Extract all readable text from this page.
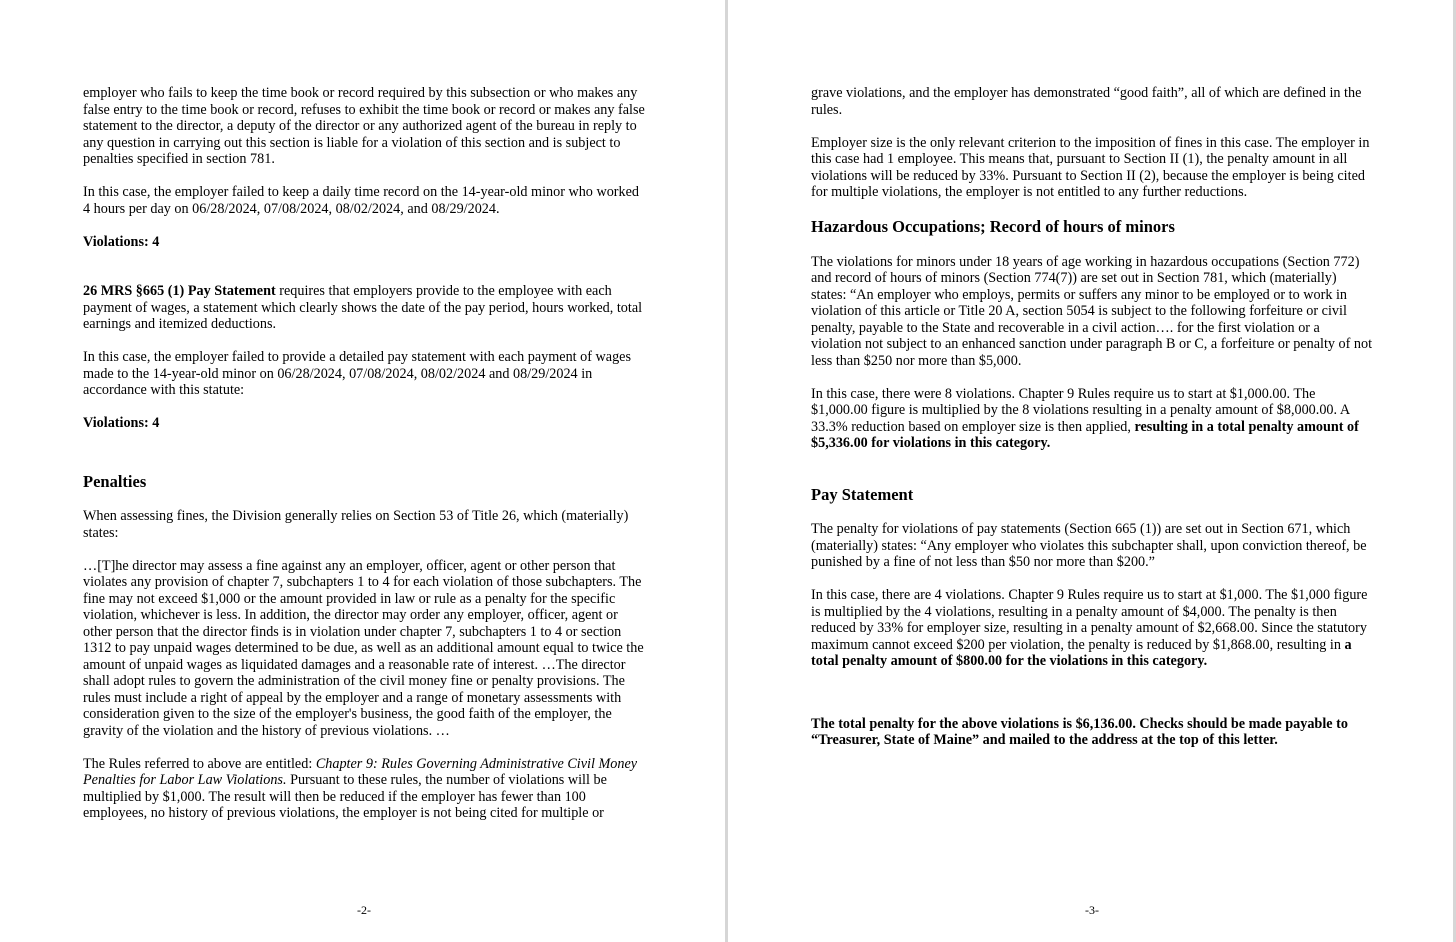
employer who fails to keep the time book or record required by this subsection or who makes any false entry to the time book or record, refuses to exhibit the time book or record or makes any false statement to the director, a deputy of the director or any authorized agent of the bureau in reply to any question in carrying out this section is liable for a violation of this section and is subject to penalties specified in section 781.

In this case, the employer failed to keep a daily time record on the 14-year-old minor who worked 4 hours per day on 06/28/2024, 07/08/2024, 08/02/2024, and 08/29/2024.

Violations: 4

26 MRS §665 (1) Pay Statement requires that employers provide to the employee with each payment of wages, a statement which clearly shows the date of the pay period, hours worked, total earnings and itemized deductions.

In this case, the employer failed to provide a detailed pay statement with each payment of wages made to the 14-year-old minor on 06/28/2024, 07/08/2024, 08/02/2024 and 08/29/2024 in accordance with this statute:

Violations: 4

Penalties

When assessing fines, the Division generally relies on Section 53 of Title 26, which (materially) states:

…[T]he director may assess a fine against any an employer, officer, agent or other person that violates any provision of chapter 7, subchapters 1 to 4 for each violation of those subchapters. The fine may not exceed $1,000 or the amount provided in law or rule as a penalty for the specific violation, whichever is less. In addition, the director may order any employer, officer, agent or other person that the director finds is in violation under chapter 7, subchapters 1 to 4 or section 1312 to pay unpaid wages determined to be due, as well as an additional amount equal to twice the amount of unpaid wages as liquidated damages and a reasonable rate of interest. …The director shall adopt rules to govern the administration of the civil money fine or penalty provisions. The rules must include a right of appeal by the employer and a range of monetary assessments with consideration given to the size of the employer's business, the good faith of the employer, the gravity of the violation and the history of previous violations. …

The Rules referred to above are entitled: Chapter 9: Rules Governing Administrative Civil Money Penalties for Labor Law Violations. Pursuant to these rules, the number of violations will be multiplied by $1,000. The result will then be reduced if the employer has fewer than 100 employees, no history of previous violations, the employer is not being cited for multiple or

-2-

grave violations, and the employer has demonstrated “good faith”, all of which are defined in the rules.

Employer size is the only relevant criterion to the imposition of fines in this case. The employer in this case had 1 employee. This means that, pursuant to Section II (1), the penalty amount in all violations will be reduced by 33%. Pursuant to Section II (2), because the employer is being cited for multiple violations, the employer is not entitled to any further reductions.

Hazardous Occupations; Record of hours of minors

The violations for minors under 18 years of age working in hazardous occupations (Section 772) and record of hours of minors (Section 774(7)) are set out in Section 781, which (materially) states: “An employer who employs, permits or suffers any minor to be employed or to work in violation of this article or Title 20 A, section 5054 is subject to the following forfeiture or civil penalty, payable to the State and recoverable in a civil action…. for the first violation or a violation not subject to an enhanced sanction under paragraph B or C, a forfeiture or penalty of not less than $250 nor more than $5,000.

In this case, there were 8 violations. Chapter 9 Rules require us to start at $1,000.00. The $1,000.00 figure is multiplied by the 8 violations resulting in a penalty amount of $8,000.00. A 33.3% reduction based on employer size is then applied, resulting in a total penalty amount of $5,336.00 for violations in this category.

Pay Statement

The penalty for violations of pay statements (Section 665 (1)) are set out in Section 671, which (materially) states: “Any employer who violates this subchapter shall, upon conviction thereof, be punished by a fine of not less than $50 nor more than $200.”

In this case, there are 4 violations. Chapter 9 Rules require us to start at $1,000. The $1,000 figure is multiplied by the 4 violations, resulting in a penalty amount of $4,000. The penalty is then reduced by 33% for employer size, resulting in a penalty amount of $2,668.00. Since the statutory maximum cannot exceed $200 per violation, the penalty is reduced by $1,868.00, resulting in a total penalty amount of $800.00 for the violations in this category.

The total penalty for the above violations is $6,136.00. Checks should be made payable to “Treasurer, State of Maine” and mailed to the address at the top of this letter.

-3-
